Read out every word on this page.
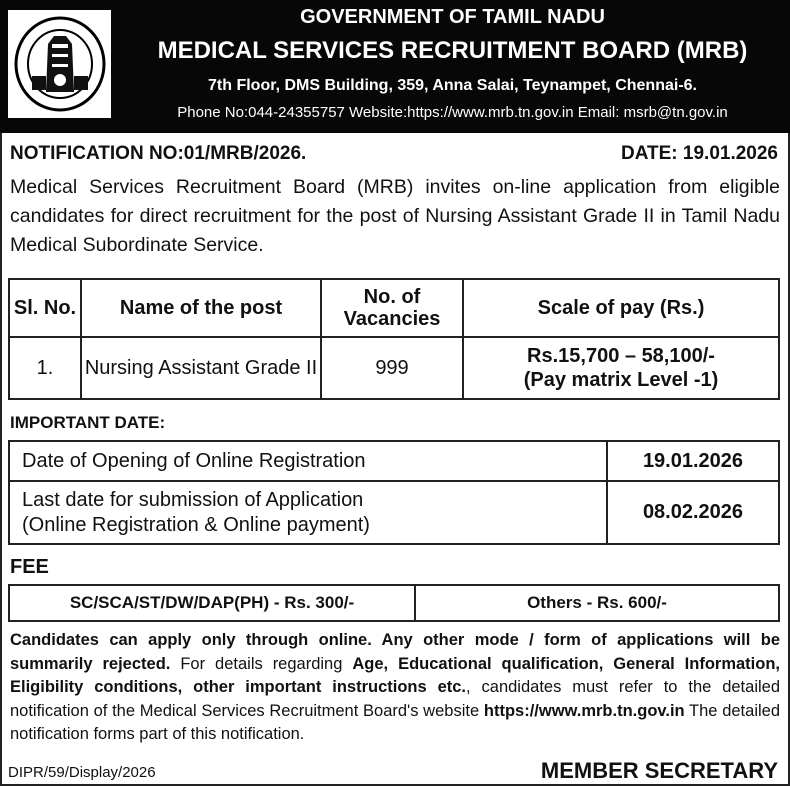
GOVERNMENT OF TAMIL NADU
MEDICAL SERVICES RECRUITMENT BOARD (MRB)
7th Floor, DMS Building, 359, Anna Salai, Teynampet, Chennai-6.
Phone No:044-24355757 Website:https://www.mrb.tn.gov.in Email: msrb@tn.gov.in
NOTIFICATION NO:01/MRB/2026.	DATE: 19.01.2026
Medical Services Recruitment Board (MRB) invites on-line application from eligible candidates for direct recruitment for the post of Nursing Assistant Grade II in Tamil Nadu Medical Subordinate Service.
Sl. No.	Name of the post	No. of Vacancies	Scale of pay (Rs.)
1.	Nursing Assistant Grade II	999	Rs.15,700 – 58,100/-
(Pay matrix Level -1)
IMPORTANT DATE:
Date of Opening of Online Registration	19.01.2026

Last date for submission of Application
(Online Registration & Online payment)	08.02.2026
FEE
SC/SCA/ST/DW/DAP(PH) - Rs. 300/-	Others - Rs. 600/-
Candidates can apply only through online. Any other mode / form of applications will be summarily rejected. For details regarding Age, Educational qualification, General Information, Eligibility conditions, other important instructions etc., candidates must refer to the detailed notification of the Medical Services Recruitment Board's website https://www.mrb.tn.gov.in The detailed notification forms part of this notification.
DIPR/59/Display/2026	MEMBER SECRETARY
